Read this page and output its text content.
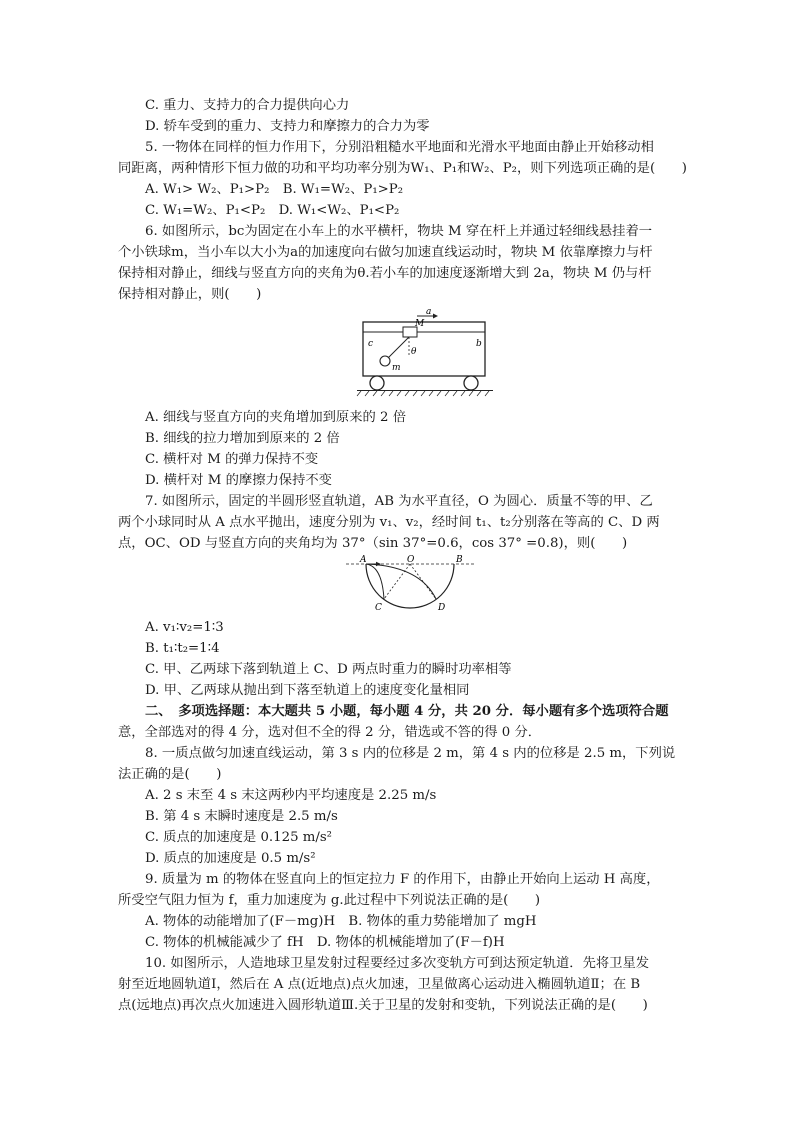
C. 重力、支持力的合力提供向心力
D. 轿车受到的重力、支持力和摩擦力的合力为零
5. 一物体在同样的恒力作用下，分别沿粗糙水平地面和光滑水平地面由静止开始移动相
同距离，两种情形下恒力做的功和平均功率分别为W₁、P₁和W₂、P₂，则下列选项正确的是(　　)
A. W₁> W₂、P₁>P₂　B. W₁=W₂、P₁>P₂
C. W₁=W₂、P₁<P₂　D. W₁<W₂、P₁<P₂
6. 如图所示，bc为固定在小车上的水平横杆，物块 M 穿在杆上并通过轻细线悬挂着一
个小铁球m，当小车以大小为a的加速度向右做匀加速直线运动时，物块 M 依靠摩擦力与杆
保持相对静止，细线与竖直方向的夹角为θ.若小车的加速度逐渐增大到 2a，物块 M 仍与杆
保持相对静止，则(　　)
a
M
c	b
θ
m
A. 细线与竖直方向的夹角增加到原来的 2 倍
B. 细线的拉力增加到原来的 2 倍
C. 横杆对 M 的弹力保持不变
D. 横杆对 M 的摩擦力保持不变
7. 如图所示，固定的半圆形竖直轨道，AB 为水平直径，O 为圆心．质量不等的甲、乙
两个小球同时从 A 点水平抛出，速度分别为 v₁、v₂，经时间 t₁、t₂分别落在等高的 C、D 两
点，OC、OD 与竖直方向的夹角均为 37°（sin 37°=0.6，cos 37° =0.8)，则(　　)
A	O	B
C	D
A. v₁∶v₂=1∶3
B. t₁∶t₂=1∶4
C. 甲、乙两球下落到轨道上 C、D 两点时重力的瞬时功率相等
D. 甲、乙两球从抛出到下落至轨道上的速度变化量相同
二、　多项选择题：本大题共 5 小题，每小题 4 分，共 20 分．每小题有多个选项符合题
意，全部选对的得 4 分，选对但不全的得 2 分，错选或不答的得 0 分．
8. 一质点做匀加速直线运动，第 3 s 内的位移是 2 m，第 4 s 内的位移是 2.5 m，下列说
法正确的是(　　)
A. 2 s 末至 4 s 末这两秒内平均速度是 2.25 m/s
B. 第 4 s 末瞬时速度是 2.5 m/s
C. 质点的加速度是 0.125 m/s²
D. 质点的加速度是 0.5 m/s²
9. 质量为 m 的物体在竖直向上的恒定拉力 F 的作用下，由静止开始向上运动 H 高度，
所受空气阻力恒为 f，重力加速度为 g.此过程中下列说法正确的是(　　)
A. 物体的动能增加了(F－mg)H　B. 物体的重力势能增加了 mgH
C. 物体的机械能减少了 fH　D. 物体的机械能增加了(F－f)H
10. 如图所示，人造地球卫星发射过程要经过多次变轨方可到达预定轨道．先将卫星发
射至近地圆轨道Ⅰ，然后在 A 点(近地点)点火加速，卫星做离心运动进入椭圆轨道Ⅱ；在 B
点(远地点)再次点火加速进入圆形轨道Ⅲ.关于卫星的发射和变轨，下列说法正确的是(　　)
